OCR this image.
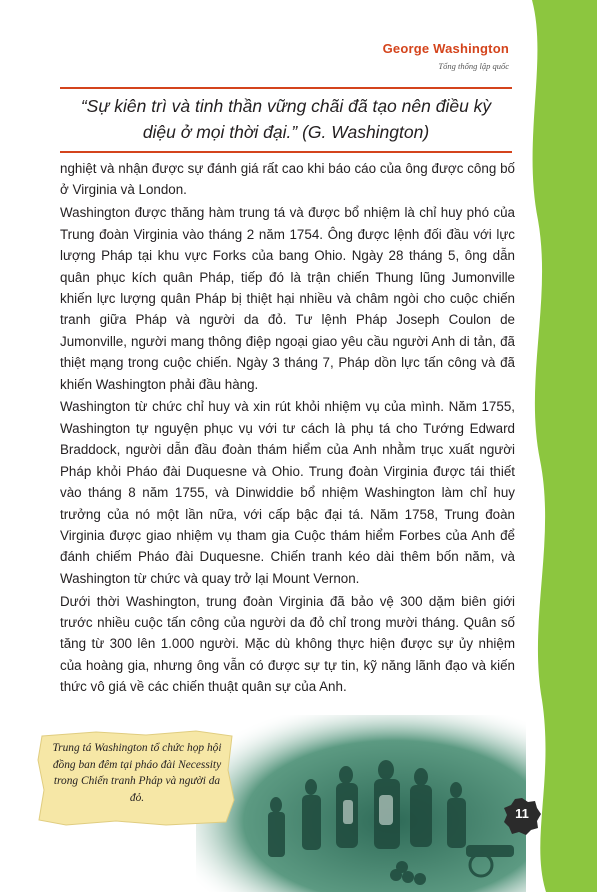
George Washington
Tổng thống lập quốc
“Sự kiên trì và tinh thần vững chãi đã tạo nên điều kỳ diệu ở mọi thời đại.” (G. Washington)

nghiệt và nhận được sự đánh giá rất cao khi báo cáo của ông được công bố ở Virginia và London.

Washington được thăng hàm trung tá và được bổ nhiệm là chỉ huy phó của Trung đoàn Virginia vào tháng 2 năm 1754. Ông được lệnh đối đầu với lực lượng Pháp tại khu vực Forks của bang Ohio. Ngày 28 tháng 5, ông dẫn quân phục kích quân Pháp, tiếp đó là trận chiến Thung lũng Jumonville khiến lực lượng quân Pháp bị thiệt hại nhiều và châm ngòi cho cuộc chiến tranh giữa Pháp và người da đỏ. Tư lệnh Pháp Joseph Coulon de Jumonville, người mang thông điệp ngoại giao yêu cầu người Anh di tản, đã thiệt mạng trong cuộc chiến. Ngày 3 tháng 7, Pháp dồn lực tấn công và đã khiến Washington phải đầu hàng.

Washington từ chức chỉ huy và xin rút khỏi nhiệm vụ của mình. Năm 1755, Washington tự nguyện phục vụ với tư cách là phụ tá cho Tướng Edward Braddock, người dẫn đầu đoàn thám hiểm của Anh nhằm trục xuất người Pháp khỏi Pháo đài Duquesne và Ohio. Trung đoàn Virginia được tái thiết vào tháng 8 năm 1755, và Dinwiddie bổ nhiệm Washington làm chỉ huy trưởng của nó một lần nữa, với cấp bậc đại tá. Năm 1758, Trung đoàn Virginia được giao nhiệm vụ tham gia Cuộc thám hiểm Forbes của Anh để đánh chiếm Pháo đài Duquesne. Chiến tranh kéo dài thêm bốn năm, và Washington từ chức và quay trở lại Mount Vernon.

Dưới thời Washington, trung đoàn Virginia đã bảo vệ 300 dặm biên giới trước nhiều cuộc tấn công của người da đỏ chỉ trong mười tháng. Quân số tăng từ 300 lên 1.000 người. Mặc dù không thực hiện được sự ủy nhiệm của hoàng gia, nhưng ông vẫn có được sự tự tin, kỹ năng lãnh đạo và kiến thức vô giá về các chiến thuật quân sự của Anh.

Trung tá Washington tổ chức họp hội đồng ban đêm tại pháo đài Necessity trong Chiến tranh Pháp và người da đỏ.
11
